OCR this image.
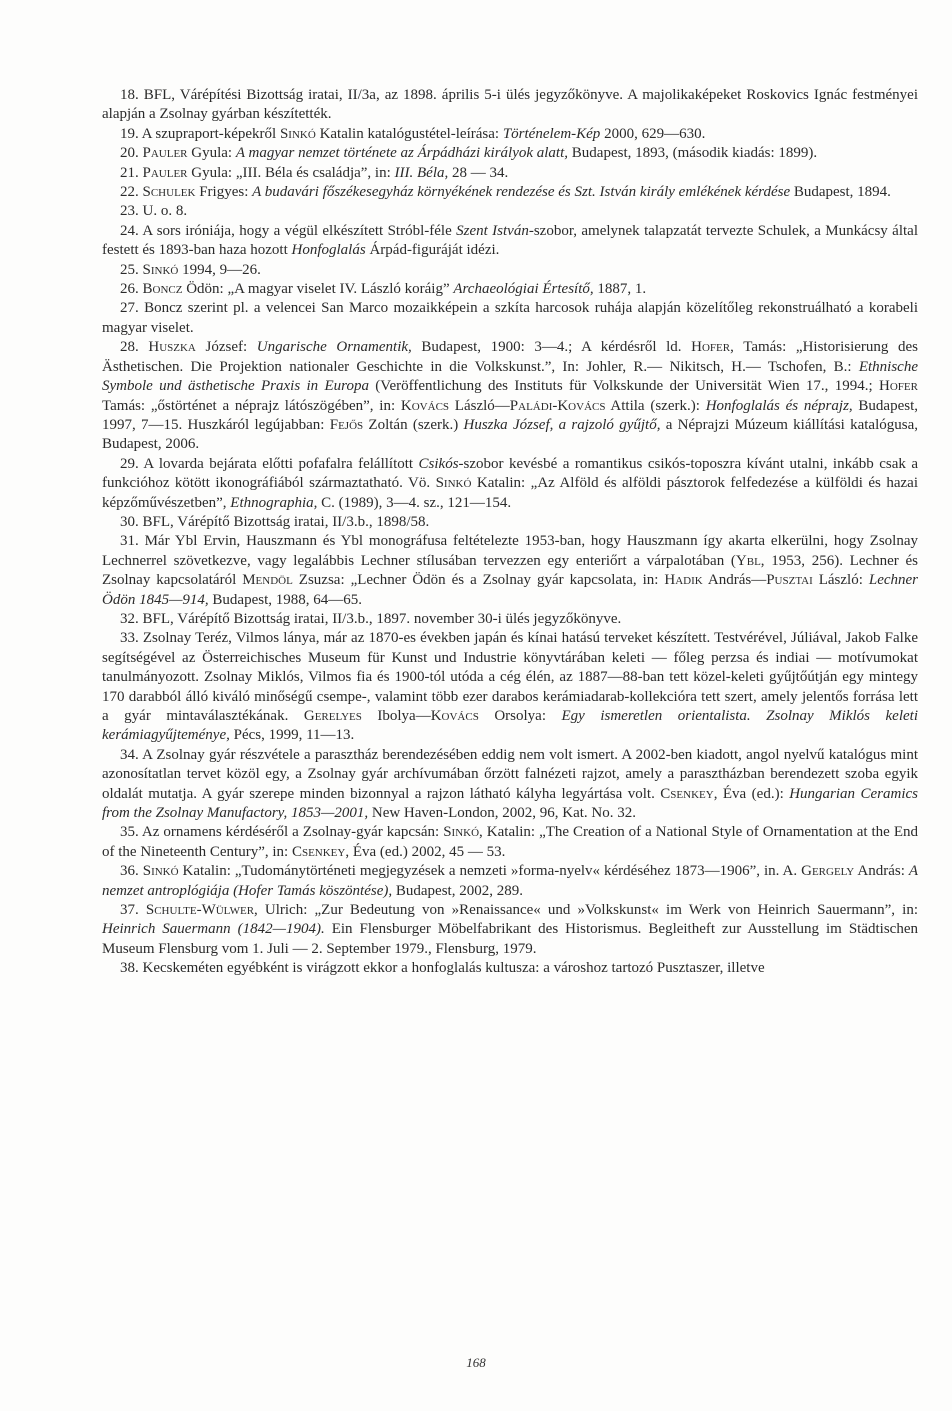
18. BFL, Várépítési Bizottság iratai, II/3a, az 1898. április 5-i ülés jegyzőkönyve. A majolikaképeket Roskovics Ignác festményei alapján a Zsolnay gyárban készítették.

19. A szupraport-képekről Sinkó Katalin katalógustétel-leírása: Történelem-Kép 2000, 629—630.

20. Pauler Gyula: A magyar nemzet története az Árpádházi királyok alatt, Budapest, 1893, (második kiadás: 1899).

21. Pauler Gyula: „III. Béla és családja”, in: III. Béla, 28 — 34.

22. Schulek Frigyes: A budavári főszékesegyház környékének rendezése és Szt. István király emlékének kérdése Budapest, 1894.

23. U. o. 8.

24. A sors iróniája, hogy a végül elkészített Stróbl-féle Szent István-szobor, amelynek talapzatát tervezte Schulek, a Munkácsy által festett és 1893-ban haza hozott Honfoglalás Árpád-figuráját idézi.

25. Sinkó 1994, 9—26.

26. Boncz Ödön: „A magyar viselet IV. László koráig” Archaeológiai Értesítő, 1887, 1.

27. Boncz szerint pl. a velencei San Marco mozaikképein a szkíta harcosok ruhája alapján közelítőleg rekonstruálható a korabeli magyar viselet.

28. Huszka József: Ungarische Ornamentik, Budapest, 1900: 3—4.; A kérdésről ld. Hofer, Tamás: „Historisierung des Ästhetischen. Die Projektion nationaler Geschichte in die Volkskunst.”, In: Johler, R.— Nikitsch, H.— Tschofen, B.: Ethnische Symbole und ästhetische Praxis in Europa (Veröffentlichung des Instituts für Volkskunde der Universität Wien 17., 1994.; Hofer Tamás: „őstörténet a néprajz látószögében”, in: Kovács László—Paládi-Kovács Attila (szerk.): Honfoglalás és néprajz, Budapest, 1997, 7—15. Huszkáról legújabban: Fejős Zoltán (szerk.) Huszka József, a rajzoló gyűjtő, a Néprajzi Múzeum kiállítási katalógusa, Budapest, 2006.

29. A lovarda bejárata előtti pofafalra felállított Csikós-szobor kevésbé a romantikus csikós-toposzra kívánt utalni, inkább csak a funkcióhoz kötött ikonográfiából származtatható. Vö. Sinkó Katalin: „Az Alföld és alföldi pásztorok felfedezése a külföldi és hazai képzőművészetben”, Ethnographia, C. (1989), 3—4. sz., 121—154.

30. BFL, Várépítő Bizottság iratai, II/3.b., 1898/58.

31. Már Ybl Ervin, Hauszmann és Ybl monográfusa feltételezte 1953-ban, hogy Hauszmann így akarta elkerülni, hogy Zsolnay Lechnerrel szövetkezve, vagy legalábbis Lechner stílusában tervezzen egy enteriőrt a várpalotában (Ybl, 1953, 256). Lechner és Zsolnay kapcsolatáról Mendöl Zsuzsa: „Lechner Ödön és a Zsolnay gyár kapcsolata, in: Hadik András—Pusztai László: Lechner Ödön 1845—914, Budapest, 1988, 64—65.

32. BFL, Várépítő Bizottság iratai, II/3.b., 1897. november 30-i ülés jegyzőkönyve.

33. Zsolnay Teréz, Vilmos lánya, már az 1870-es években japán és kínai hatású terveket készített. Testvérével, Júliával, Jakob Falke segítségével az Österreichisches Museum für Kunst und Industrie könyvtárában keleti — főleg perzsa és indiai — motívumokat tanulmányozott. Zsolnay Miklós, Vilmos fia és 1900-tól utóda a cég élén, az 1887—88-ban tett közel-keleti gyűjtőútján egy mintegy 170 darabból álló kiváló minőségű csempe-, valamint több ezer darabos kerámiadarab-kollekcióra tett szert, amely jelentős forrása lett a gyár mintaválasztékának. Gerelyes Ibolya—Kovács Orsolya: Egy ismeretlen orientalista. Zsolnay Miklós keleti kerámiagyűjteménye, Pécs, 1999, 11—13.

34. A Zsolnay gyár részvétele a parasztház berendezésében eddig nem volt ismert. A 2002-ben kiadott, angol nyelvű katalógus mint azonosítatlan tervet közöl egy, a Zsolnay gyár archívumában őrzött falnézeti rajzot, amely a parasztházban berendezett szoba egyik oldalát mutatja. A gyár szerepe minden bizonnyal a rajzon látható kályha legyártása volt. Csenkey, Éva (ed.): Hungarian Ceramics from the Zsolnay Manufactory, 1853—2001, New Haven-London, 2002, 96, Kat. No. 32.

35. Az ornamens kérdéséről a Zsolnay-gyár kapcsán: Sinkó, Katalin: „The Creation of a National Style of Ornamentation at the End of the Nineteenth Century”, in: Csenkey, Éva (ed.) 2002, 45 — 53.

36. Sinkó Katalin: „Tudománytörténeti megjegyzések a nemzeti »forma-nyelv« kérdéséhez 1873—1906”, in. A. Gergely András: A nemzet antroplógiája (Hofer Tamás köszöntése), Budapest, 2002, 289.

37. Schulte-Wülwer, Ulrich: „Zur Bedeutung von »Renaissance« und »Volkskunst« im Werk von Heinrich Sauermann”, in: Heinrich Sauermann (1842—1904). Ein Flensburger Möbelfabrikant des Historismus. Begleitheft zur Ausstellung im Städtischen Museum Flensburg vom 1. Juli — 2. September 1979., Flensburg, 1979.

38. Kecskeméten egyébként is virágzott ekkor a honfoglalás kultusza: a városhoz tartozó Pusztaszer, illetve

168
